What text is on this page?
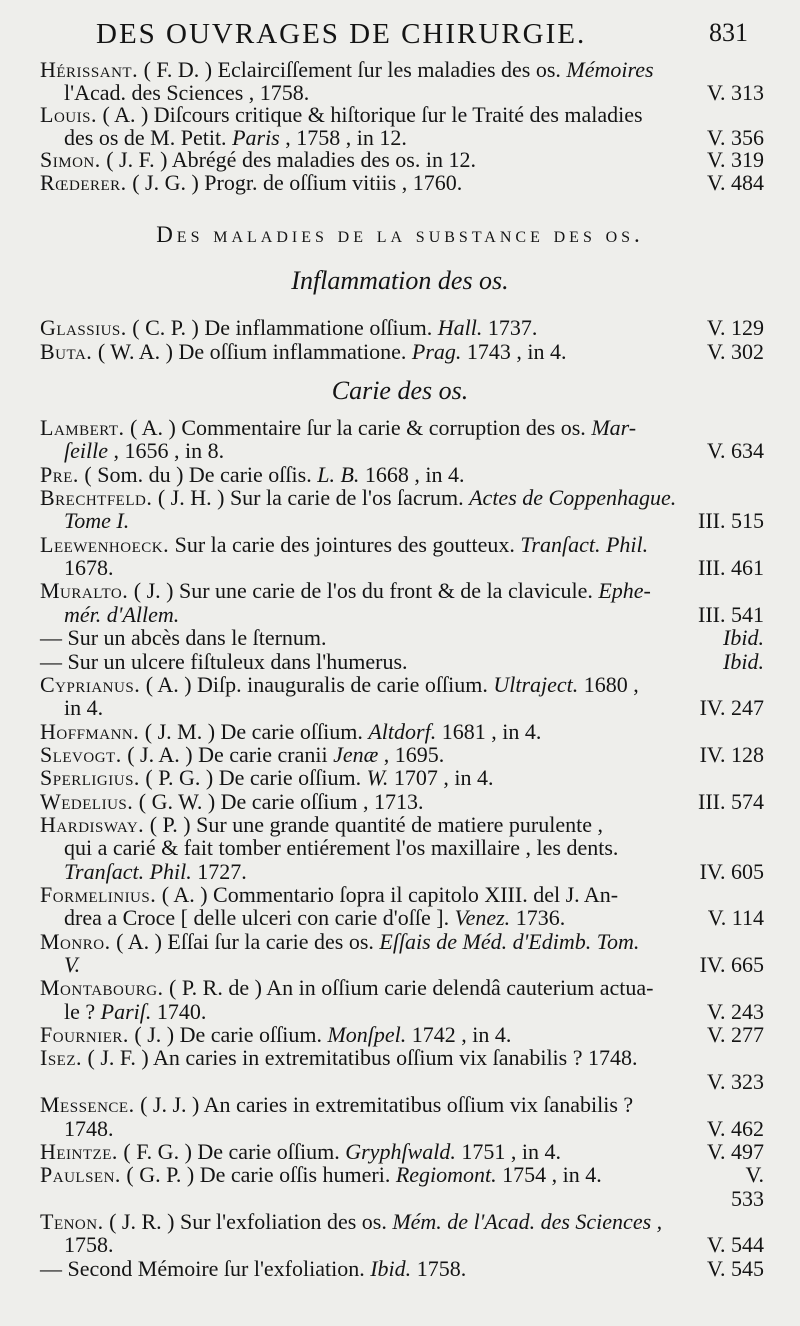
DES OUVRAGES DE CHIRURGIE.	831
Hérissant. ( F. D. ) Eclairciſſement ſur les maladies des os. Mémoires
l'Acad. des Sciences , 1758.	V. 313
Louis. ( A. ) Diſcours critique & hiſtorique ſur le Traité des maladies
des os de M. Petit. Paris , 1758 , in 12.	V. 356
Simon. ( J. F. ) Abrégé des maladies des os. in 12.	V. 319
Rœderer. ( J. G. ) Progr. de oſſium vitiis , 1760.	V. 484
Des maladies de la substance des os.
Inflammation des os.
Glassius. ( C. P. ) De inflammatione oſſium. Hall. 1737.	V. 129
Buta. ( W. A. ) De oſſium inflammatione. Prag. 1743 , in 4.	V. 302
Carie des os.
Lambert. ( A. ) Commentaire ſur la carie & corruption des os. Mar-
ſeille , 1656 , in 8.	V. 634
Pre. ( Som. du ) De carie oſſis. L. B. 1668 , in 4.
Brechtfeld. ( J. H. ) Sur la carie de l'os ſacrum. Actes de Coppenhague.
Tome I.	III. 515
Leewenhoeck. Sur la carie des jointures des goutteux. Tranſact. Phil.
1678.	III. 461
Muralto. ( J. ) Sur une carie de l'os du front & de la clavicule. Ephe-
mér. d'Allem.	III. 541
— Sur un abcès dans le ſternum.	Ibid.
— Sur un ulcere fiſtuleux dans l'humerus.	Ibid.
Cyprianus. ( A. ) Diſp. inauguralis de carie oſſium. Ultraject. 1680 ,
in 4.	IV. 247
Hoffmann. ( J. M. ) De carie oſſium. Altdorf. 1681 , in 4.
Slevogt. ( J. A. ) De carie cranii Jenæ , 1695.	IV. 128
Sperligius. ( P. G. ) De carie oſſium. W. 1707 , in 4.
Wedelius. ( G. W. ) De carie oſſium , 1713.	III. 574
Hardisway. ( P. ) Sur une grande quantité de matiere purulente ,
qui a carié & fait tomber entiérement l'os maxillaire , les dents.
Tranſact. Phil. 1727.	IV. 605
Formelinius. ( A. ) Commentario ſopra il capitolo XIII. del J. An-
drea a Croce [ delle ulceri con carie d'oſſe ]. Venez. 1736.	V. 114
Monro. ( A. ) Eſſai ſur la carie des os. Eſſais de Méd. d'Edimb. Tom.
V.	IV. 665
Montabourg. ( P. R. de ) An in oſſium carie delendâ cauterium actua-
le ? Pariſ. 1740.	V. 243
Fournier. ( J. ) De carie oſſium. Monſpel. 1742 , in 4.	V. 277
Isez. ( J. F. ) An caries in extremitatibus oſſium vix ſanabilis ? 1748.
V. 323
Messence. ( J. J. ) An caries in extremitatibus oſſium vix ſanabilis ?
1748.	V. 462
Heintze. ( F. G. ) De carie oſſium. Gryphſwald. 1751 , in 4.	V. 497
Paulsen. ( G. P. ) De carie oſſis humeri. Regiomont. 1754 , in 4.	V.
533
Tenon. ( J. R. ) Sur l'exfoliation des os. Mém. de l'Acad. des Sciences ,
1758.	V. 544
— Second Mémoire ſur l'exfoliation. Ibid. 1758.	V. 545
